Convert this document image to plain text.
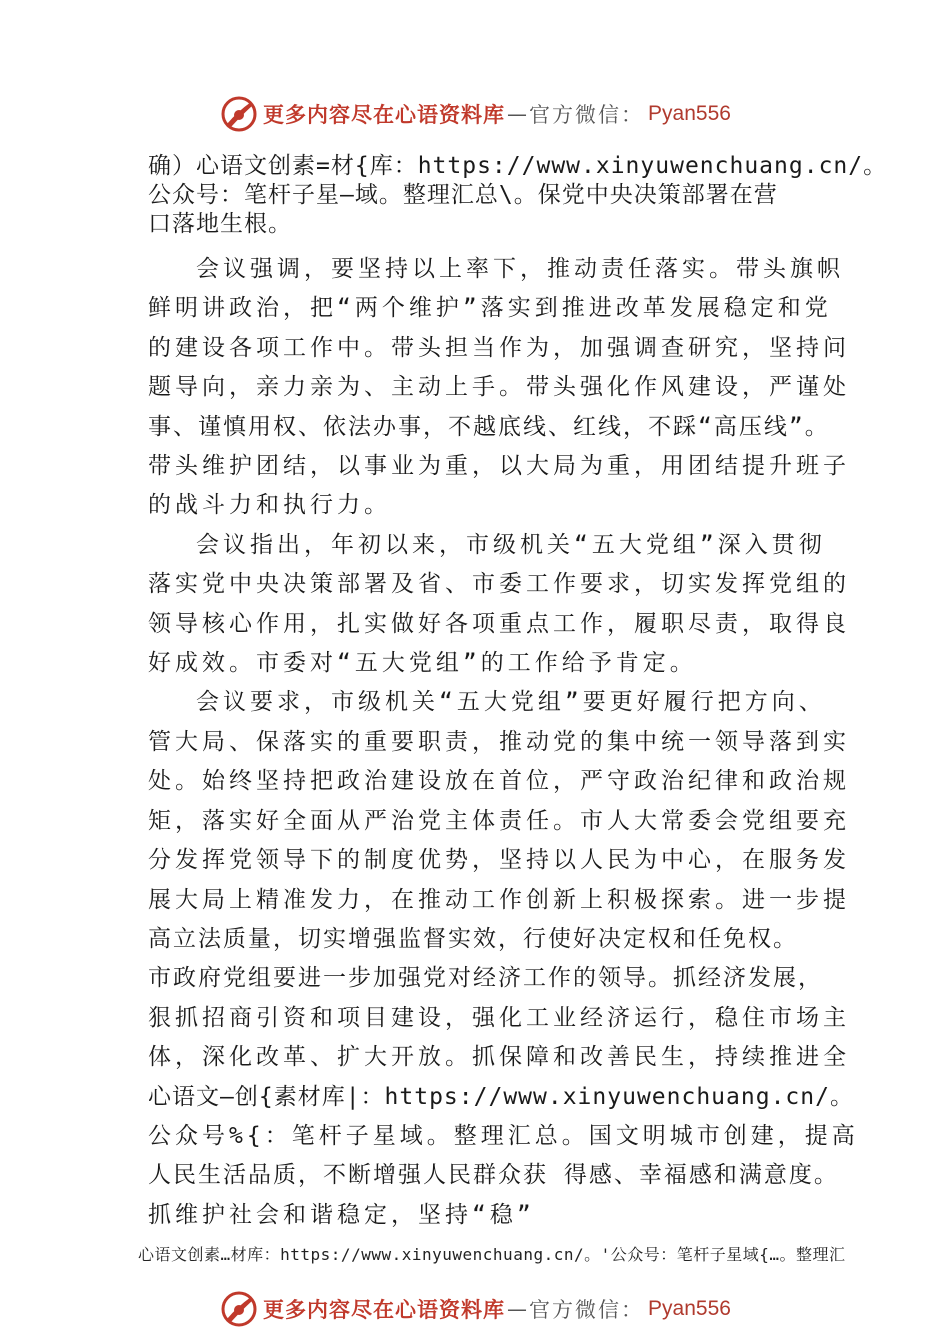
更多内容尽在心语资料库 — 官方微信： Pyan556
确）心语文创素=材{库：https://www.xinyuwenchuang.cn/。
公众号：笔杆子星—域。整理汇总\。保党中央决策部署在营
口落地生根。
会议强调，要坚持以上率下，推动责任落实。带头旗帜
鲜明讲政治，把“两个维护”落实到推进改革发展稳定和党
的建设各项工作中。带头担当作为，加强调查研究，坚持问
题导向，亲力亲为、主动上手。带头强化作风建设，严谨处
事、谨慎用权、依法办事，不越底线、红线，不踩“高压线”。
带头维护团结，以事业为重，以大局为重，用团结提升班子
的战斗力和执行力。
会议指出，年初以来，市级机关“五大党组”深入贯彻
落实党中央决策部署及省、市委工作要求，切实发挥党组的
领导核心作用，扎实做好各项重点工作，履职尽责，取得良
好成效。市委对“五大党组”的工作给予肯定。
会议要求，市级机关“五大党组”要更好履行把方向、
管大局、保落实的重要职责，推动党的集中统一领导落到实
处。始终坚持把政治建设放在首位，严守政治纪律和政治规
矩，落实好全面从严治党主体责任。市人大常委会党组要充
分发挥党领导下的制度优势，坚持以人民为中心，在服务发
展大局上精准发力，在推动工作创新上积极探索。进一步提
高立法质量，切实增强监督实效，行使好决定权和任免权。
市政府党组要进一步加强党对经济工作的领导。抓经济发展，
狠抓招商引资和项目建设，强化工业经济运行，稳住市场主
体，深化改革、扩大开放。抓保障和改善民生，持续推进全
心语文—创{素材库|：https://www.xinyuwenchuang.cn/。
公众号%{：笔杆子星域。整理汇总。国文明城市创建，提高
人民生活品质，不断增强人民群众获 得感、幸福感和满意度。
抓维护社会和谐稳定，坚持“稳”
心语文创素…材库：https://www.xinyuwenchuang.cn/。'公众号：笔杆子星域{…。整理汇
更多内容尽在心语资料库 — 官方微信： Pyan556
